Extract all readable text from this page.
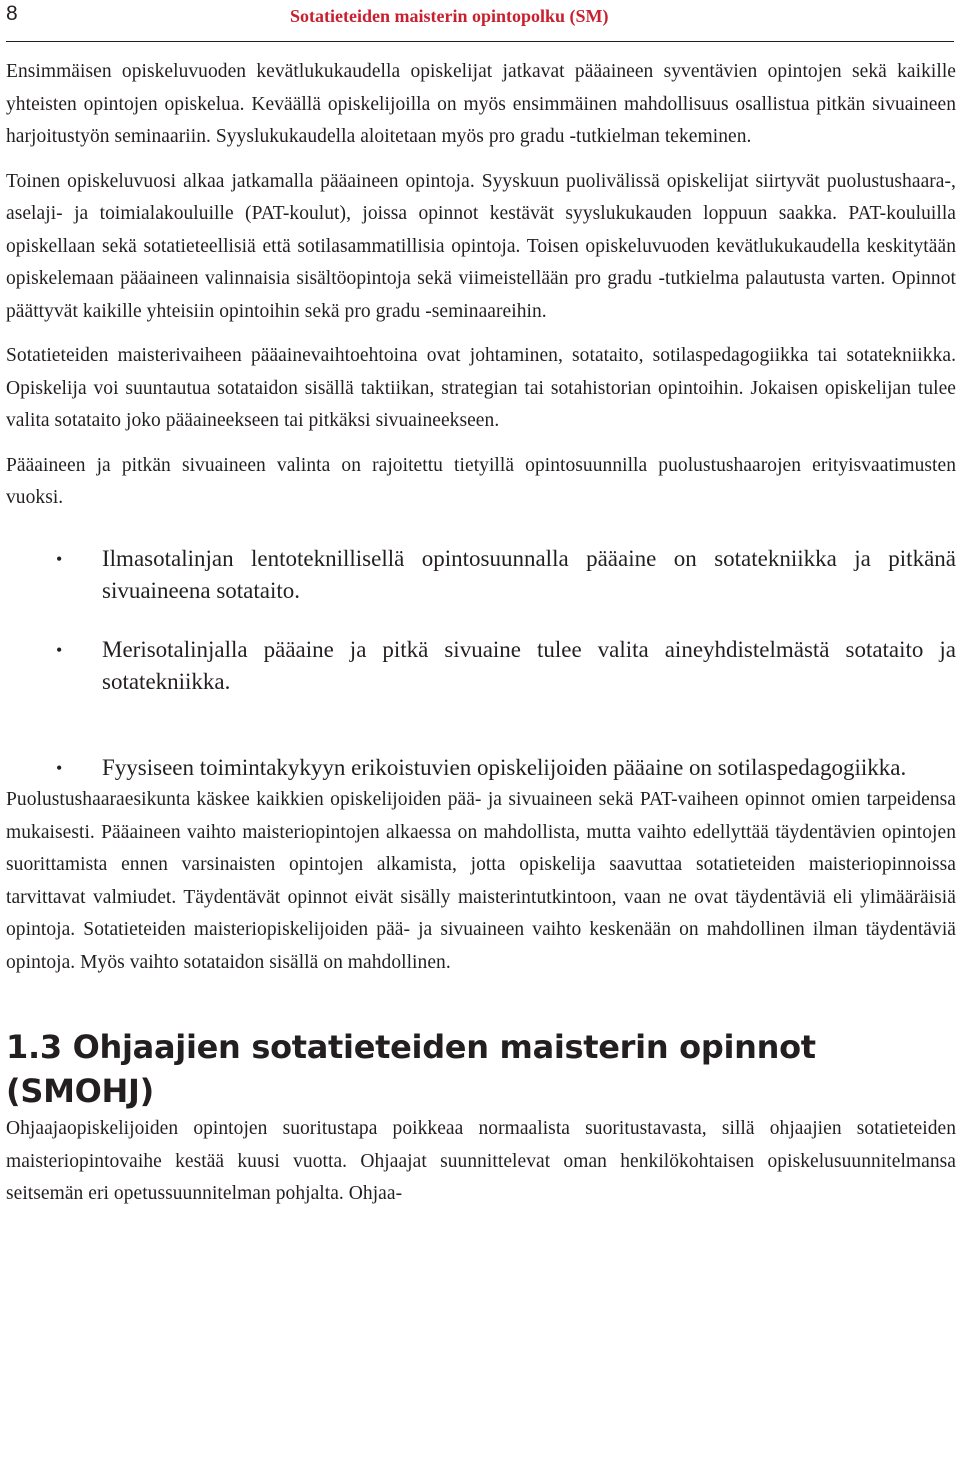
8	Sotatieteiden maisterin opintopolku (SM)

Ensimmäisen opiskeluvuoden kevätlukukaudella opiskelijat jatkavat pääaineen syventävien opintojen sekä kaikille yhteisten opintojen opiskelua. Keväällä opiskelijoilla on myös ensimmäinen mahdollisuus osallistua pitkän sivuaineen harjoitustyön seminaariin. Syyslukukaudella aloitetaan myös pro gradu -tutkielman tekeminen.

Toinen opiskeluvuosi alkaa jatkamalla pääaineen opintoja. Syyskuun puolivälissä opiskelijat siirtyvät puolustushaara-, aselaji- ja toimialakouluille (PAT-koulut), joissa opinnot kestävät syyslukukauden loppuun saakka. PAT-kouluilla opiskellaan sekä sotatieteellisiä että sotilasammatillisia opintoja. Toisen opiskeluvuoden kevätlukukaudella keskitytään opiskelemaan pääaineen valinnaisia sisältöopintoja sekä viimeistellään pro gradu -tutkielma palautusta varten. Opinnot päättyvät kaikille yhteisiin opintoihin sekä pro gradu -seminaareihin.

Sotatieteiden maisterivaiheen pääainevaihtoehtoina ovat johtaminen, sotataito, sotilaspedagogiikka tai sotatekniikka. Opiskelija voi suuntautua sotataidon sisällä taktiikan, strategian tai sotahistorian opintoihin. Jokaisen opiskelijan tulee valita sotataito joko pääaineekseen tai pitkäksi sivuaineekseen.

Pääaineen ja pitkän sivuaineen valinta on rajoitettu tietyillä opintosuunnilla puolustushaarojen erityisvaatimusten vuoksi.

• Ilmasotalinjan lentoteknillisellä opintosuunnalla pääaine on sotatekniikka ja pitkänä sivuaineena sotataito.
• Merisotalinjalla pääaine ja pitkä sivuaine tulee valita aineyhdistelmästä sotataito ja sotatekniikka.
• Fyysiseen toimintakykyyn erikoistuvien opiskelijoiden pääaine on sotilaspedagogiikka.

Puolustushaaraesikunta käskee kaikkien opiskelijoiden pää- ja sivuaineen sekä PAT-vaiheen opinnot omien tarpeidensa mukaisesti. Pääaineen vaihto maisteriopintojen alkaessa on mahdollista, mutta vaihto edellyttää täydentävien opintojen suorittamista ennen varsinaisten opintojen alkamista, jotta opiskelija saavuttaa sotatieteiden maisteriopinnoissa tarvittavat valmiudet. Täydentävät opinnot eivät sisälly maisterintutkintoon, vaan ne ovat täydentäviä eli ylimääräisiä opintoja. Sotatieteiden maisteriopiskelijoiden pää- ja sivuaineen vaihto keskenään on mahdollinen ilman täydentäviä opintoja. Myös vaihto sotataidon sisällä on mahdollinen.

1.3 Ohjaajien sotatieteiden maisterin opinnot (SMOHJ)

Ohjaajaopiskelijoiden opintojen suoritustapa poikkeaa normaalista suoritustavasta, sillä ohjaajien sotatieteiden maisteriopintovaihe kestää kuusi vuotta. Ohjaajat suunnittelevat oman henkilökohtaisen opiskelusuunnitelmansa seitsemän eri opetussuunnitelman pohjalta. Ohjaa-
